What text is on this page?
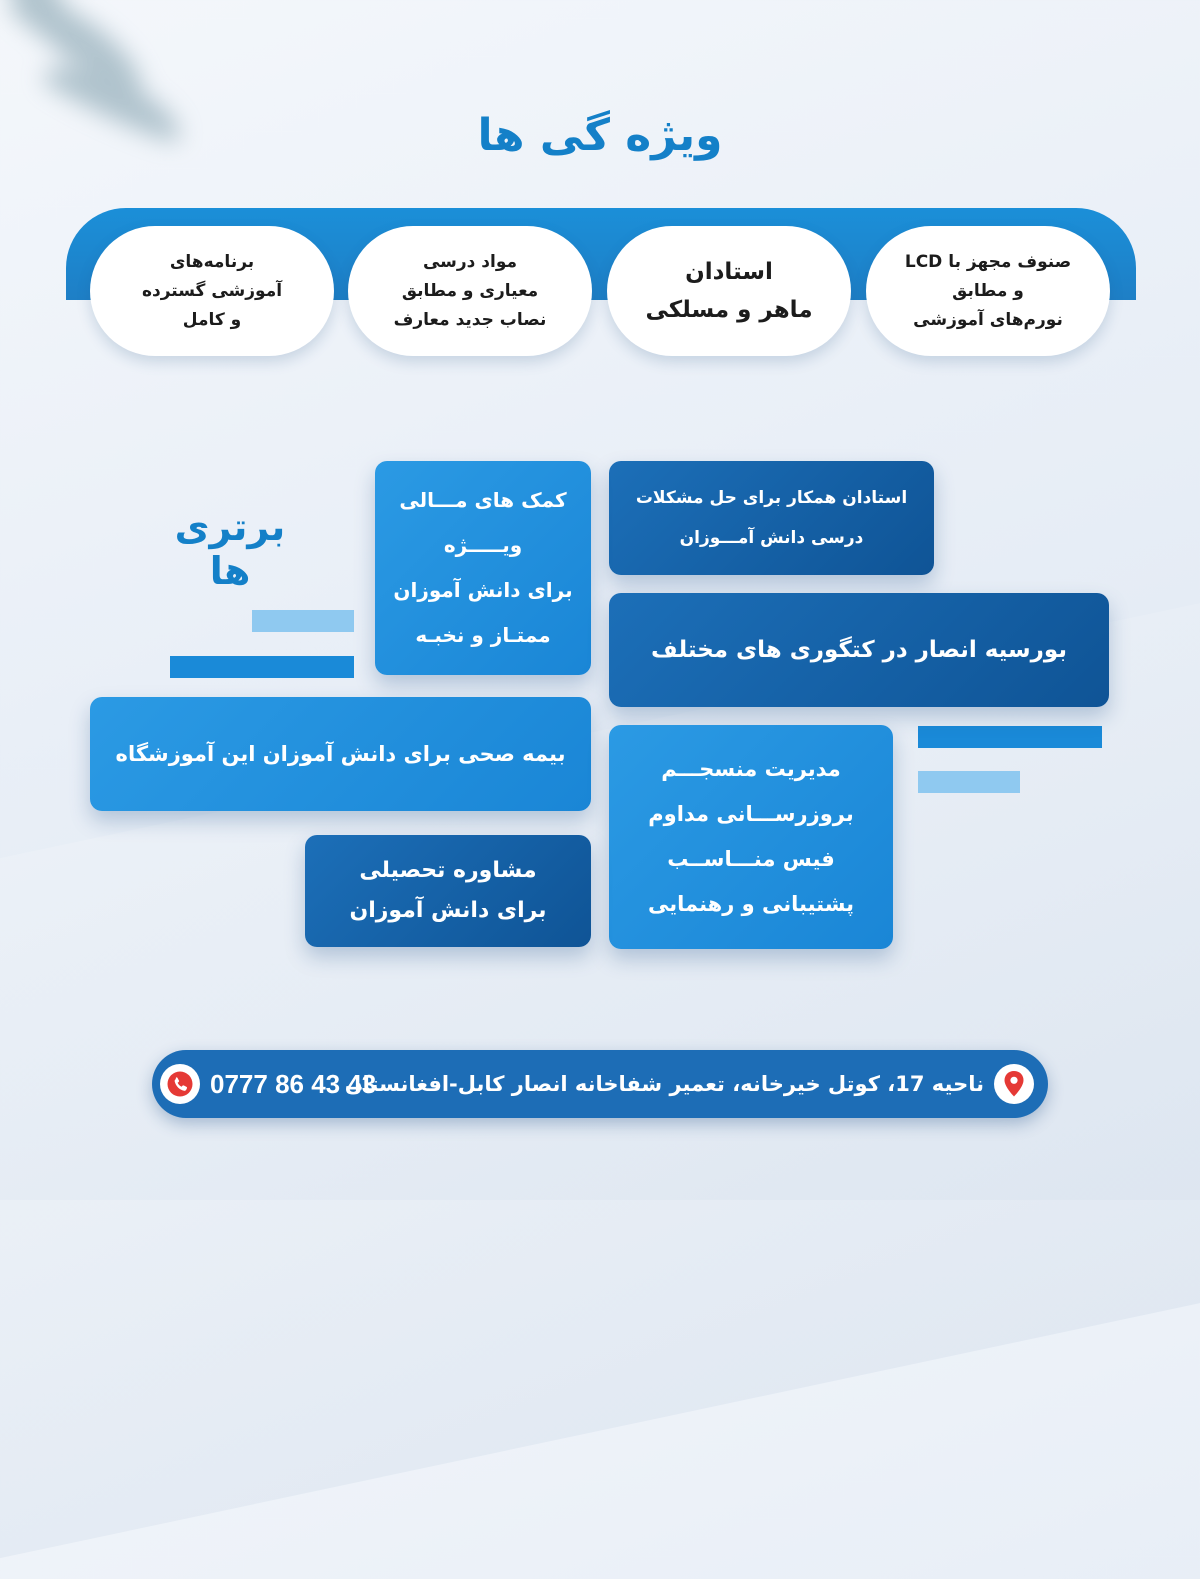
ویژه گی ها
صنوف مجهز با LCD
و مطابق
نورم‌های آموزشی
استادان
ماهر و مسلکی
مواد درسی
معیاری و مطابق
نصاب جدید معارف
برنامه‌های
آموزشی گسترده
و کامل
برتری ها
استادان همکار برای حل مشکلات
درسی دانش آمـــوزان
کمک های مـــالی
ویـــــژه
برای دانش آموزان
ممتـاز و نخبـه
بورسیه انصار در کتگوری های مختلف
بیمه صحی برای دانش آموزان این آموزشگاه
مدیریت منسجـــم
بروزرســـانی مداوم
فیس منـــاســب
پشتیبانی و رهنمایی
مشاوره تحصیلی
برای دانش آموزان
ناحیه 17، کوتل خیرخانه، تعمیر شفاخانه انصار کابل-افغانستان
0777 86 43 43
